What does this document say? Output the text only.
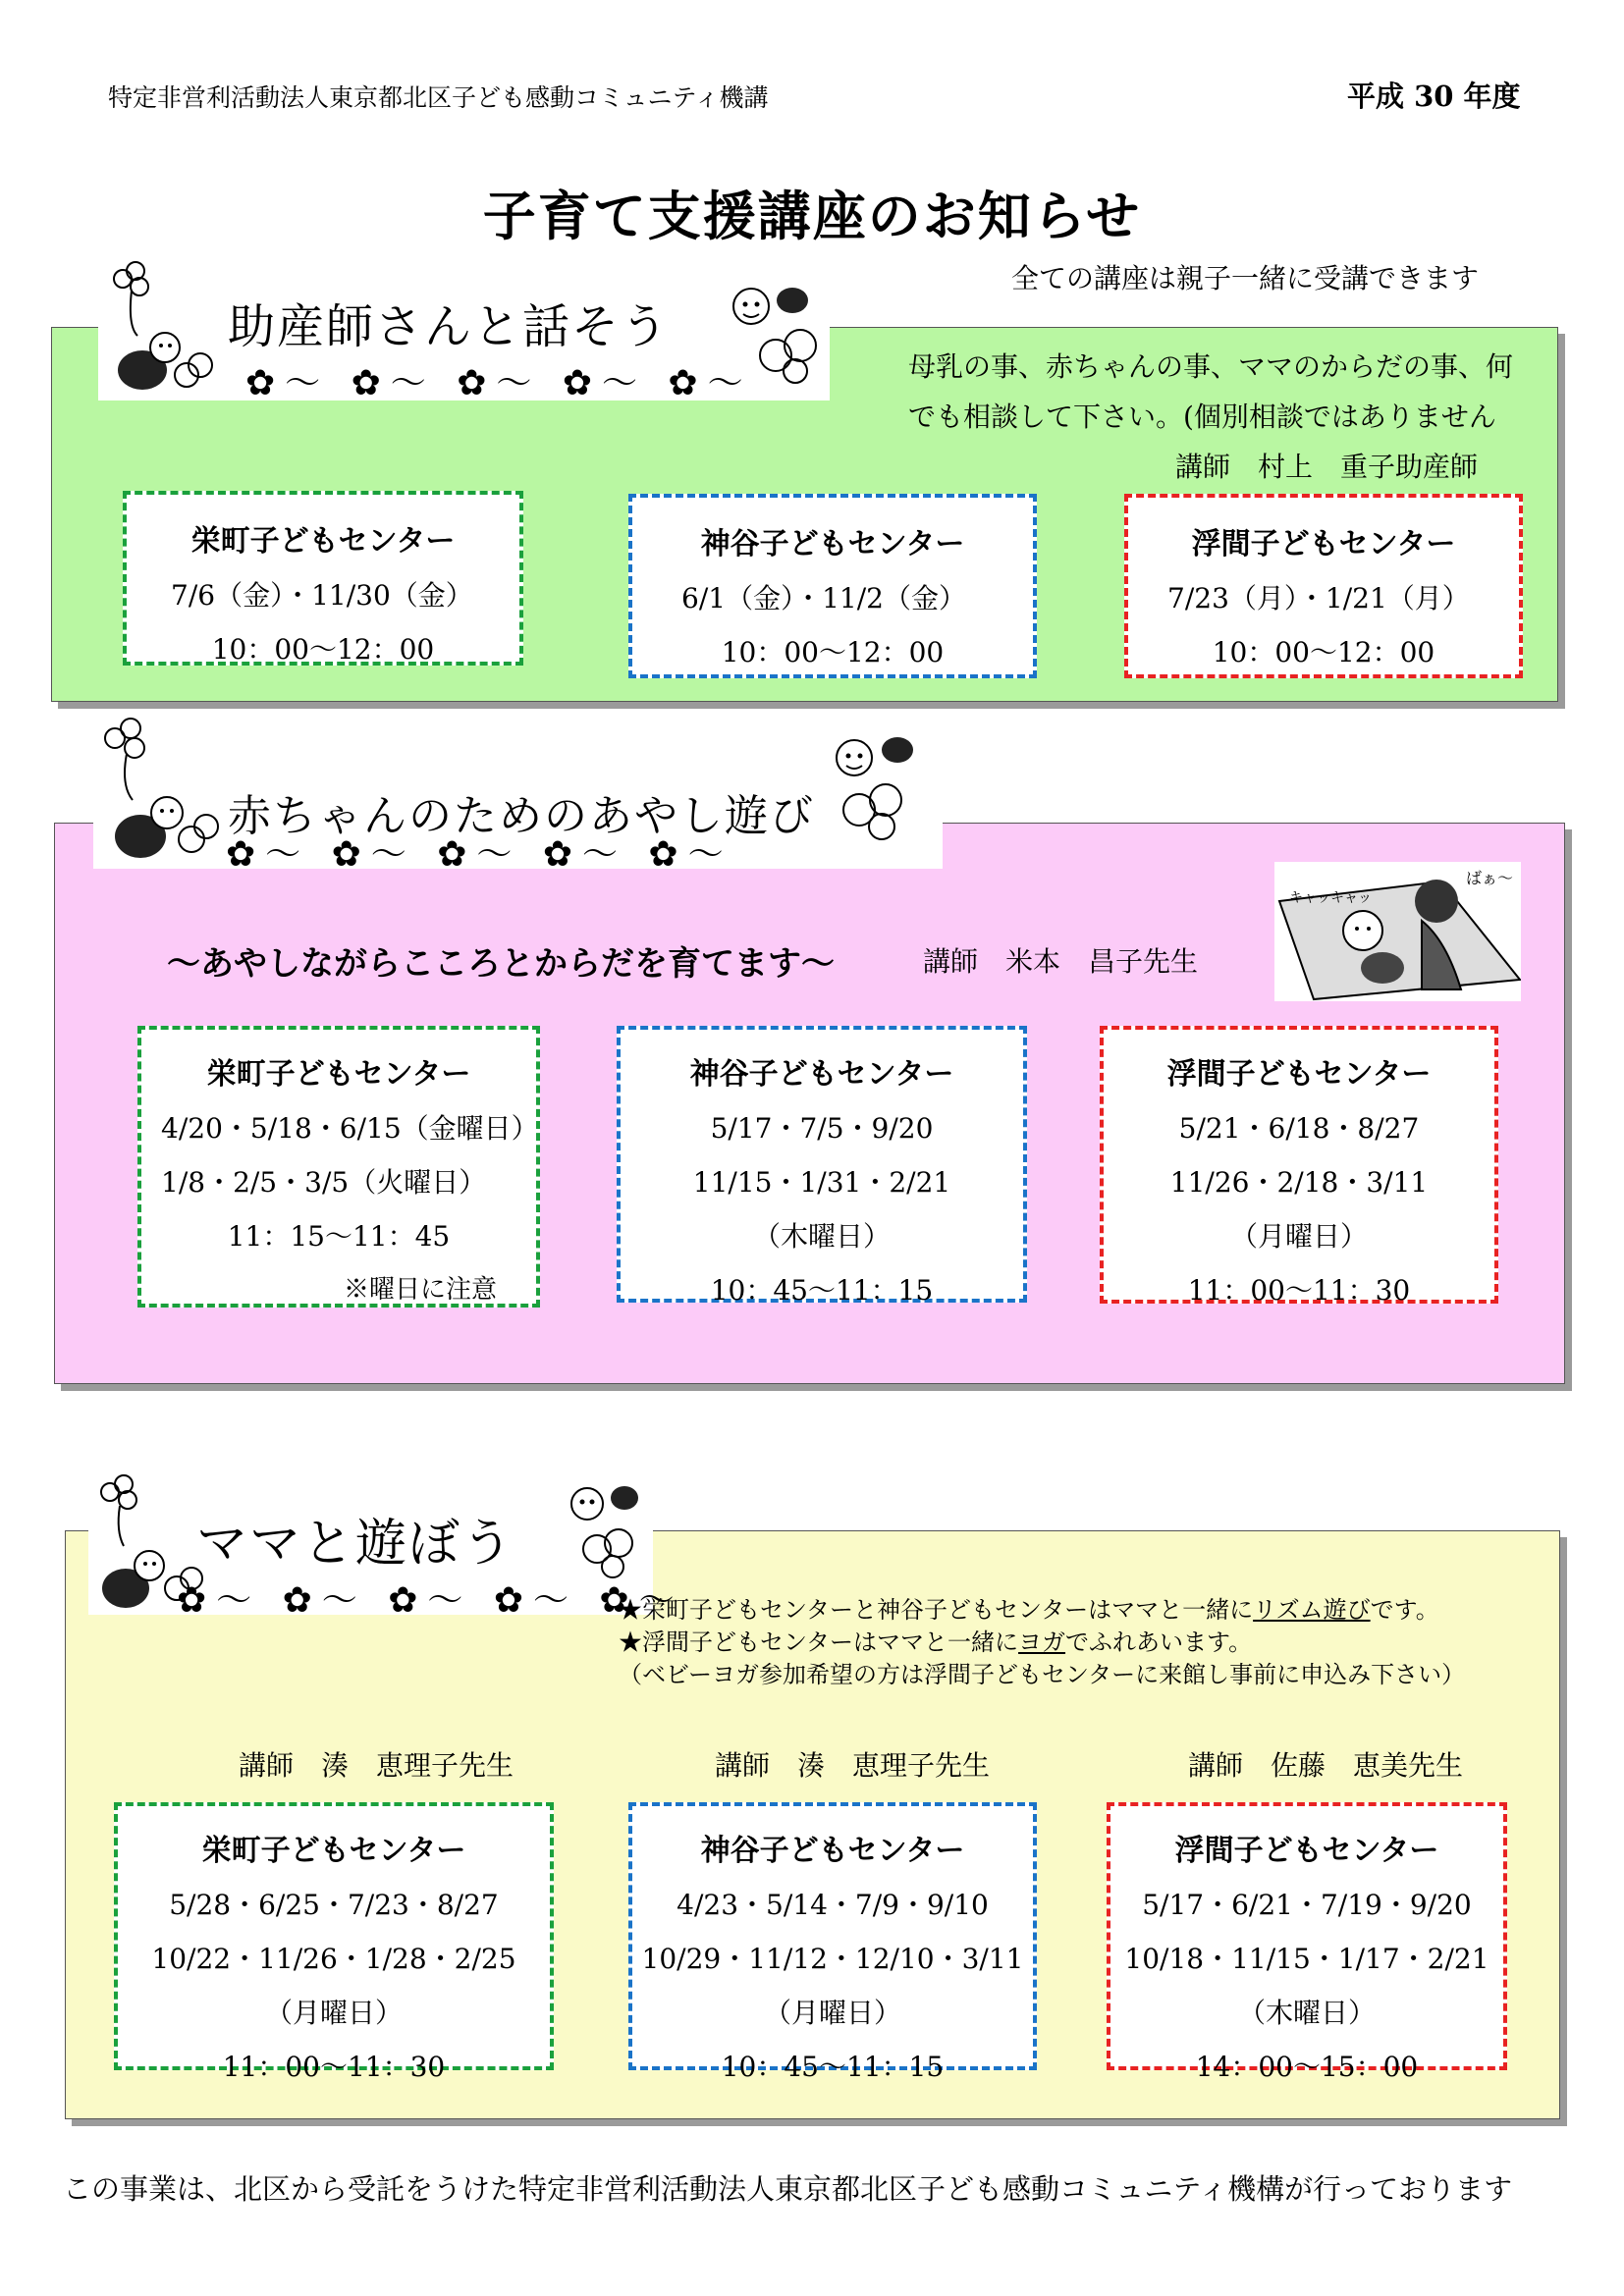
特定非営利活動法人東京都北区子ども感動コミュニティ機講	平成 30 年度
子育て支援講座のお知らせ
全ての講座は親子一緒に受講できます
助産師さんと話そう
✿～ ✿～ ✿～ ✿～ ✿～	母乳の事、赤ちゃんの事、ママのからだの事、何
でも相談して下さい。(個別相談ではありません
講師　村上　重子助産師
栄町子どもセンター
7/6（金）・11/30（金）
10：00～12：00
神谷子どもセンター
6/1（金）・11/2（金）
10：00～12：00
浮間子どもセンター
7/23（月）・1/21（月）
10：00～12：00
赤ちゃんのためのあやし遊び
✿～ ✿～ ✿～ ✿～ ✿～
～あやしながらこころとからだを育てます～	講師　米本　昌子先生
ばぁ～
キャッキャッ
栄町子どもセンター
4/20・5/18・6/15（金曜日）
1/8・2/5・3/5（火曜日）
11：15～11：45
※曜日に注意
神谷子どもセンター
5/17・7/5・9/20
11/15・1/31・2/21
（木曜日）
10：45～11：15
浮間子どもセンター
5/21・6/18・8/27
11/26・2/18・3/11
（月曜日）
11：00～11：30
ママと遊ぼう
✿～ ✿～ ✿～ ✿～ ✿～
★栄町子どもセンターと神谷子どもセンターはママと一緒にリズム遊びです。
★浮間子どもセンターはママと一緒にヨガでふれあいます。
（ベビーヨガ参加希望の方は浮間子どもセンターに来館し事前に申込み下さい）
講師　湊　恵理子先生	講師　湊　恵理子先生	講師　佐藤　恵美先生
栄町子どもセンター
5/28・6/25・7/23・8/27
10/22・11/26・1/28・2/25
（月曜日）
11：00～11：30
神谷子どもセンター
4/23・5/14・7/9・9/10
10/29・11/12・12/10・3/11
（月曜日）
10：45～11：15
浮間子どもセンター
5/17・6/21・7/19・9/20
10/18・11/15・1/17・2/21
（木曜日）
14：00～15：00
この事業は、北区から受託をうけた特定非営利活動法人東京都北区子ども感動コミュニティ機構が行っております
